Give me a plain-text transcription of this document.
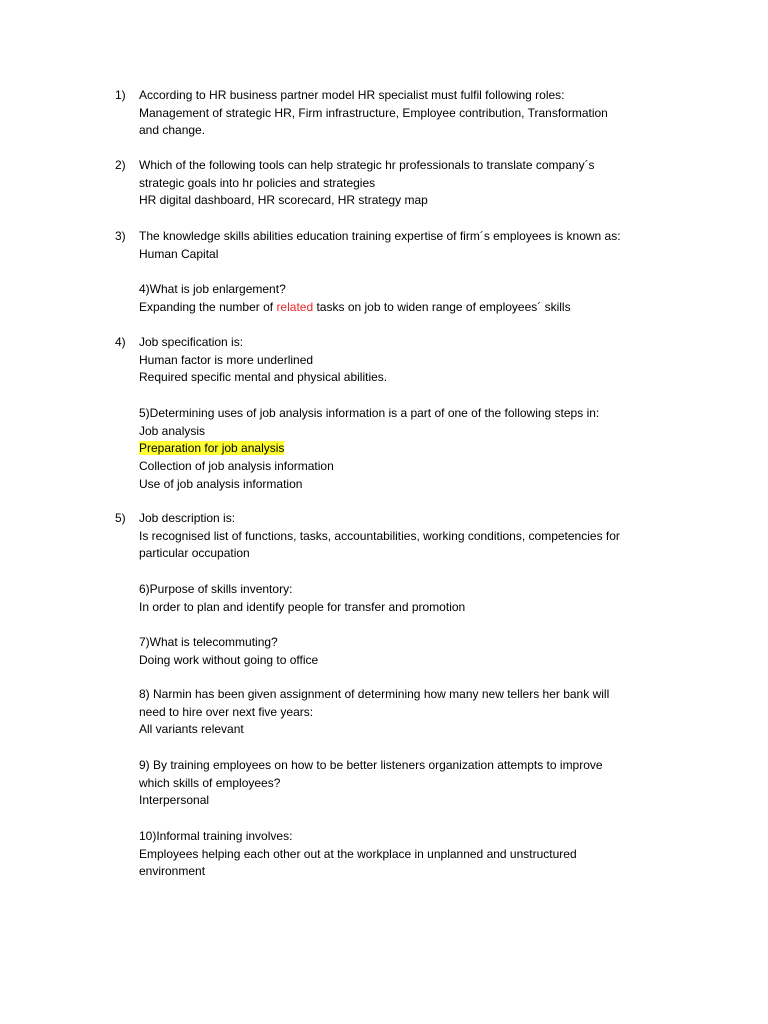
1) According to HR business partner model HR specialist must fulfil following roles:
Management of strategic HR, Firm infrastructure, Employee contribution, Transformation
and change.
2) Which of the following tools can help strategic hr professionals to translate company´s
strategic goals into hr policies and strategies
HR digital dashboard, HR scorecard, HR strategy map
3) The knowledge skills abilities education training expertise of firm´s employees is known as:
Human Capital
4)What is job enlargement?
Expanding the number of related tasks on job to widen range of employees´ skills
4) Job specification is:
Human factor is more underlined
Required specific mental and physical abilities.
5)Determining uses of job analysis information is a part of one of the following steps in:
Job analysis
Preparation for job analysis
Collection of job analysis information
Use of job analysis information
5) Job description is:
Is recognised list of functions, tasks, accountabilities, working conditions, competencies for
particular occupation
6)Purpose of skills inventory:
In order to plan and identify people for transfer and promotion
7)What is telecommuting?
Doing work without going to office
8) Narmin has been given assignment of determining how many new tellers her bank will
need to hire over next five years:
All variants relevant
9) By training employees on how to be better listeners organization attempts to improve
which skills of employees?
Interpersonal
10)Informal training involves:
Employees helping each other out at the workplace in unplanned and unstructured
environment
